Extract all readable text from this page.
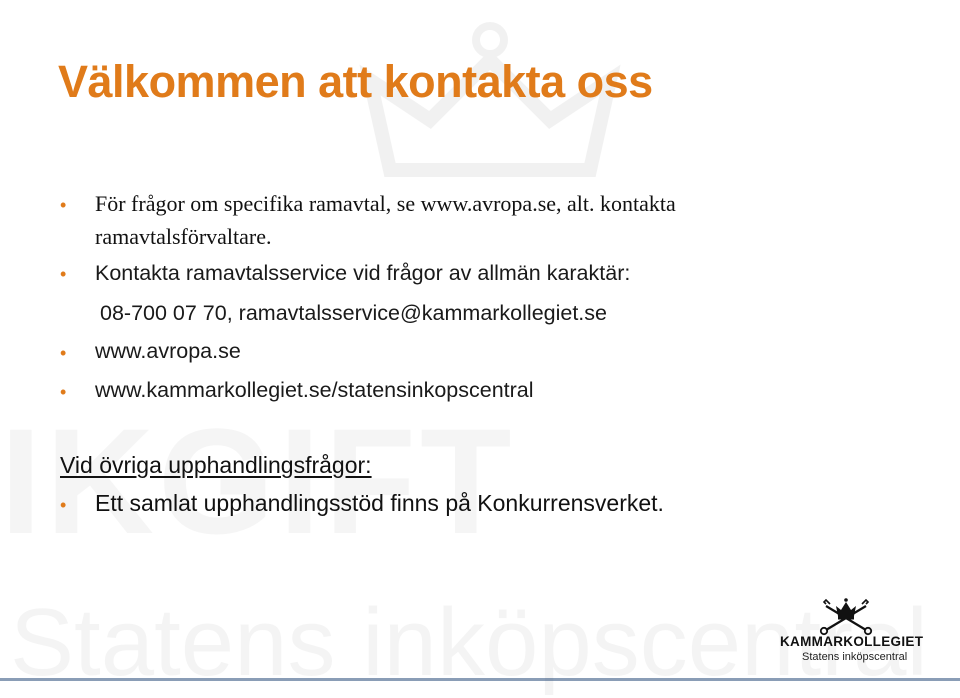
Välkommen att kontakta oss
• För frågor om specifika ramavtal, se www.avropa.se, alt. kontakta
ramavtalsförvaltare.
• Kontakta ramavtalsservice vid frågor av allmän karaktär:
08-700 07 70, ramavtalsservice@kammarkollegiet.se
• www.avropa.se
• www.kammarkollegiet.se/statensinkopscentral
Vid övriga upphandlingsfrågor:
• Ett samlat upphandlingsstöd finns på Konkurrensverket.
KAMMARKOLLEGIET
Statens inköpscentral
